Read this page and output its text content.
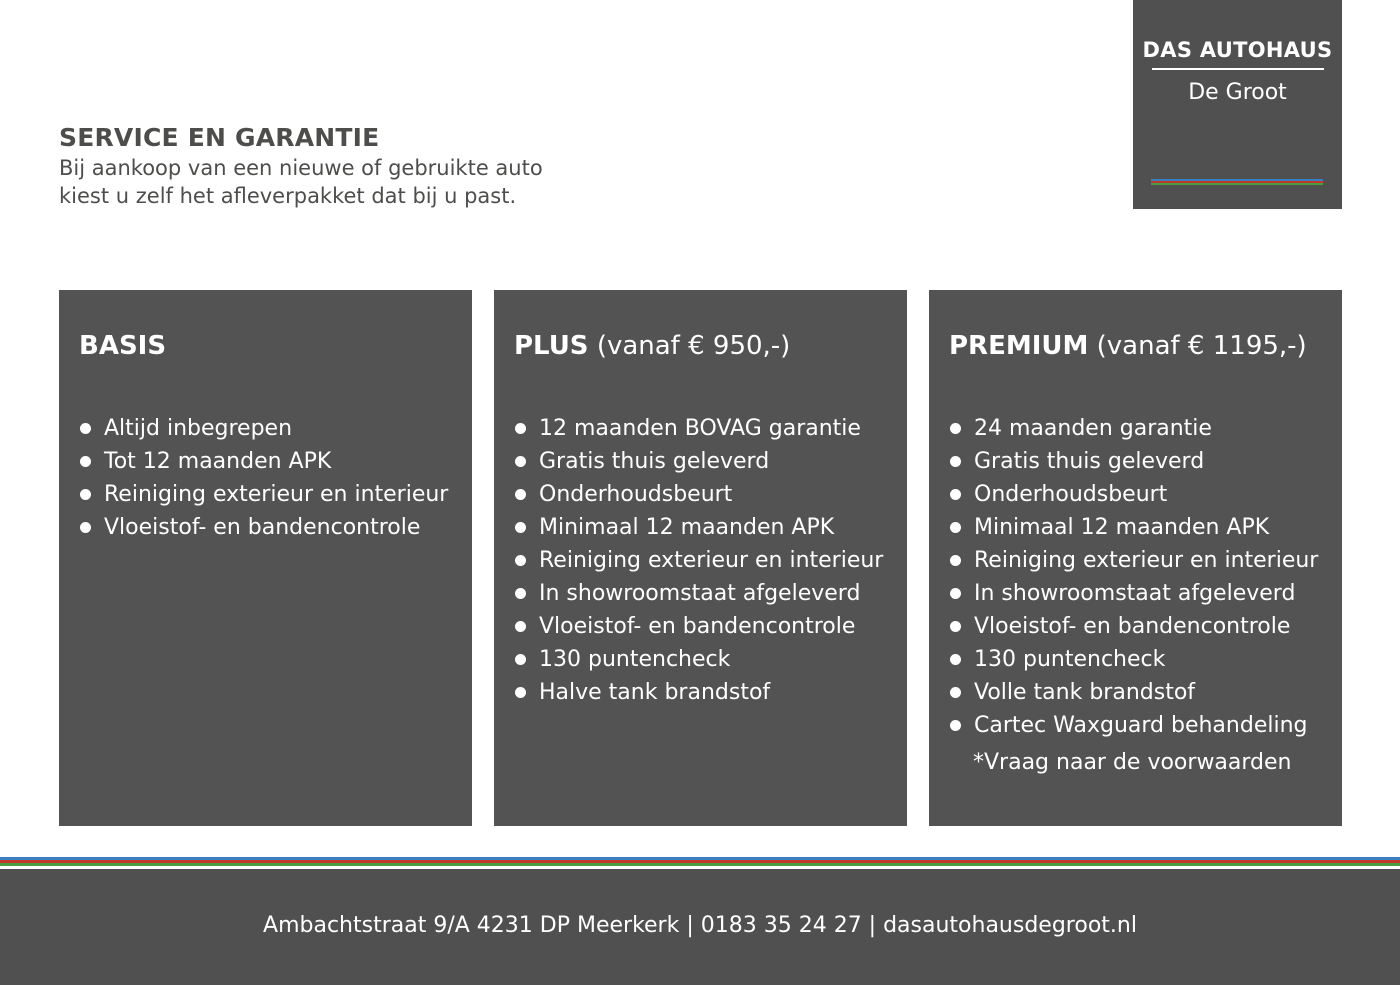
SERVICE EN GARANTIE

Bij aankoop van een nieuwe of gebruikte auto

kiest u zelf het afleverpakket dat bij u past.

DAS AUTOHAUS
De Groot
BASIS
Altijd inbegrepen
Tot 12 maanden APK
Reiniging exterieur en interieur
Vloeistof- en bandencontrole
PLUS (vanaf € 950,-)
12 maanden BOVAG garantie
Gratis thuis geleverd
Onderhoudsbeurt
Minimaal 12 maanden APK
Reiniging exterieur en interieur
In showroomstaat afgeleverd
Vloeistof- en bandencontrole
130 puntencheck
Halve tank brandstof
PREMIUM (vanaf € 1195,-)
24 maanden garantie
Gratis thuis geleverd
Onderhoudsbeurt
Minimaal 12 maanden APK
Reiniging exterieur en interieur
In showroomstaat afgeleverd
Vloeistof- en bandencontrole
130 puntencheck
Volle tank brandstof
Cartec Waxguard behandeling
*Vraag naar de voorwaarden
Ambachtstraat 9/A 4231 DP Meerkerk | 0183 35 24 27 | dasautohausdegroot.nl
